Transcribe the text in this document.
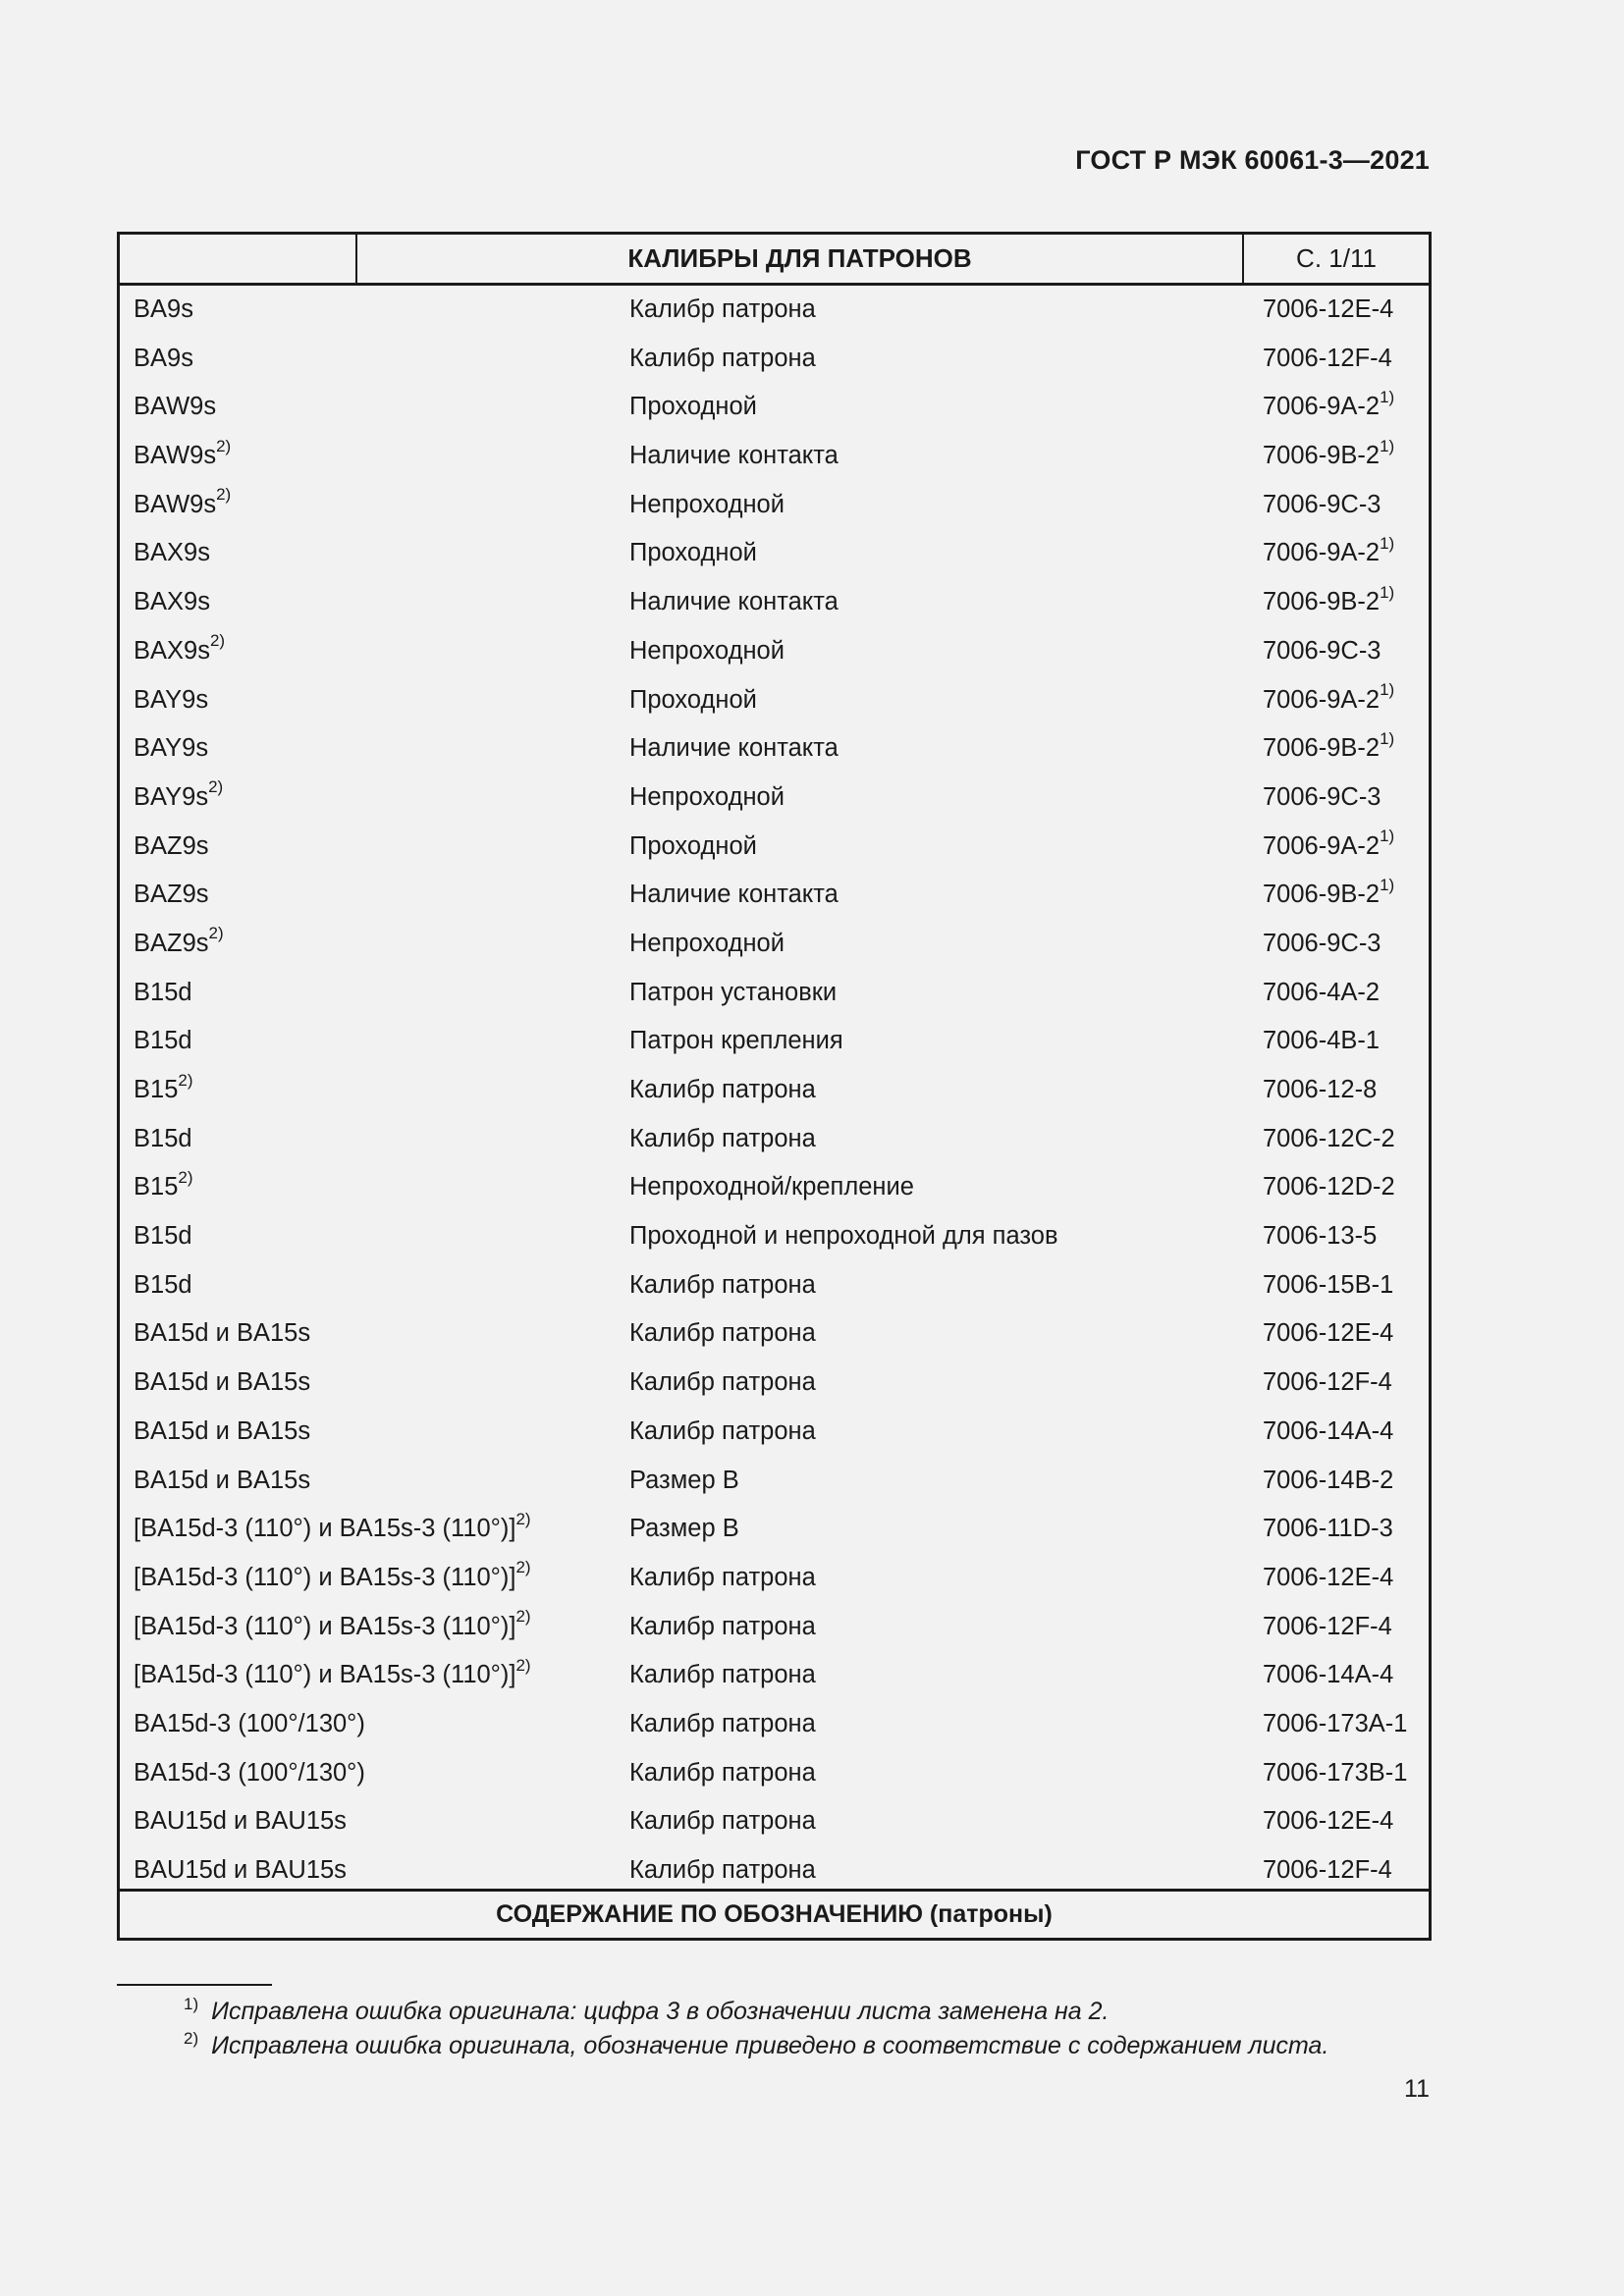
ГОСТ Р МЭК 60061-3—2021
КАЛИБРЫ ДЛЯ ПАТРОНОВ	С. 1/11
BA9s	Калибр патрона	7006-12E-4
BA9s	Калибр патрона	7006-12F-4
BAW9s	Проходной	7006-9A-2$^{1)}$
$BAW9s^{2)}$	Наличие контакта	7006-9B-2$^{1)}$
$BAW9s^{2)}$	Непроходной	7006-9C-3
BAX9s	Проходной	7006-9A-2$^{1)}$
BAX9s	Наличие контакта	7006-9B-2$^{1)}$
$BAX9s^{2)}$	Непроходной	7006-9C-3
BAY9s	Проходной	7006-9A-2$^{1)}$
BAY9s	Наличие контакта	7006-9B-2$^{1)}$
$BAY9s^{2)}$	Непроходной	7006-9C-3
BAZ9s	Проходной	7006-9A-2$^{1)}$
BAZ9s	Наличие контакта	7006-9B-2$^{1)}$
$BAZ9s^{2)}$	Непроходной	7006-9C-3
B15d	Патрон установки	7006-4A-2
B15d	Патрон крепления	7006-4B-1
B15$^{2)}$	Калибр патрона	7006-12-8
B15d	Калибр патрона	7006-12C-2
B15$^{2)}$	Непроходной/крепление	7006-12D-2
B15d	Проходной и непроходной для пазов	7006-13-5
B15d	Калибр патрона	7006-15B-1
BA15d и BA15s	Калибр патрона	7006-12E-4
BA15d и BA15s	Калибр патрона	7006-12F-4
BA15d и BA15s	Калибр патрона	7006-14A-4
BA15d и BA15s	Размер B	7006-14B-2
[BA15d-3 (110°) и BA15s-3 (110°)]$^{2)}$	Размер B	7006-11D-3
[BA15d-3 (110°) и BA15s-3 (110°)]$^{2)}$	Калибр патрона	7006-12E-4
[BA15d-3 (110°) и BA15s-3 (110°)]$^{2)}$	Калибр патрона	7006-12F-4
[BA15d-3 (110°) и BA15s-3 (110°)]$^{2)}$	Калибр патрона	7006-14A-4
BA15d-3 (100°/130°)	Калибр патрона	7006-173A-1
BA15d-3 (100°/130°)	Калибр патрона	7006-173B-1
BAU15d и BAU15s	Калибр патрона	7006-12E-4
BAU15d и BAU15s	Калибр патрона	7006-12F-4
СОДЕРЖАНИЕ ПО ОБОЗНАЧЕНИЮ (патроны)
$^{1)}$ Исправлена ошибка оригинала: цифра 3 в обозначении листа заменена на 2.
$^{2)}$ Исправлена ошибка оригинала, обозначение приведено в соответствие с содержанием листа.
11
